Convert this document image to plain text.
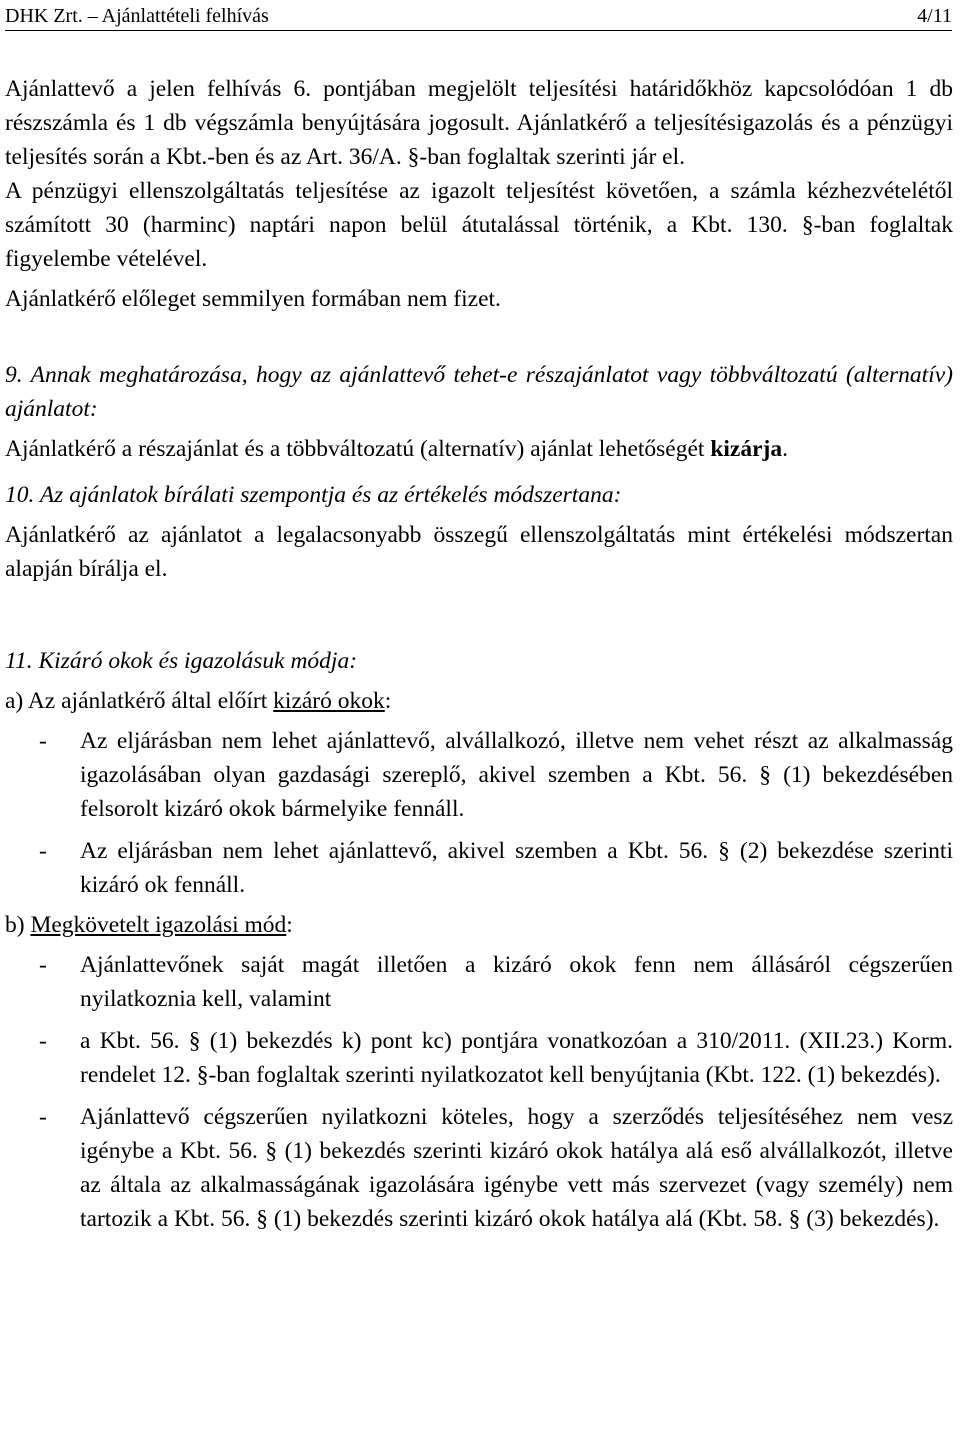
DHK Zrt. – Ajánlattételi felhívás	4/11

Ajánlattevő a jelen felhívás 6. pontjában megjelölt teljesítési határidőkhöz kapcsolódóan 1 db részszámla és 1 db végszámla benyújtására jogosult. Ajánlatkérő a teljesítésigazolás és a pénzügyi teljesítés során a Kbt.-ben és az Art. 36/A. §-ban foglaltak szerinti jár el.

A pénzügyi ellenszolgáltatás teljesítése az igazolt teljesítést követően, a számla kézhezvételétől számított 30 (harminc) naptári napon belül átutalással történik, a Kbt. 130. §-ban foglaltak figyelembe vételével.

Ajánlatkérő előleget semmilyen formában nem fizet.

9. Annak meghatározása, hogy az ajánlattevő tehet-e részajánlatot vagy többváltozatú (alternatív) ajánlatot:

Ajánlatkérő a részajánlat és a többváltozatú (alternatív) ajánlat lehetőségét kizárja.

10. Az ajánlatok bírálati szempontja és az értékelés módszertana:

Ajánlatkérő az ajánlatot a legalacsonyabb összegű ellenszolgáltatás mint értékelési módszertan alapján bírálja el.

11. Kizáró okok és igazolásuk módja:

a) Az ajánlatkérő által előírt kizáró okok:

- Az eljárásban nem lehet ajánlattevő, alvállalkozó, illetve nem vehet részt az alkalmasság igazolásában olyan gazdasági szereplő, akivel szemben a Kbt. 56. § (1) bekezdésében felsorolt kizáró okok bármelyike fennáll.

- Az eljárásban nem lehet ajánlattevő, akivel szemben a Kbt. 56. § (2) bekezdése szerinti kizáró ok fennáll.

b) Megkövetelt igazolási mód:

- Ajánlattevőnek saját magát illetően a kizáró okok fenn nem állásáról cégszerűen nyilatkoznia kell, valamint

- a Kbt. 56. § (1) bekezdés k) pont kc) pontjára vonatkozóan a 310/2011. (XII.23.) Korm. rendelet 12. §-ban foglaltak szerinti nyilatkozatot kell benyújtania (Kbt. 122. (1) bekezdés).

- Ajánlattevő cégszerűen nyilatkozni köteles, hogy a szerződés teljesítéséhez nem vesz igénybe a Kbt. 56. § (1) bekezdés szerinti kizáró okok hatálya alá eső alvállalkozót, illetve az általa az alkalmasságának igazolására igénybe vett más szervezet (vagy személy) nem tartozik a Kbt. 56. § (1) bekezdés szerinti kizáró okok hatálya alá (Kbt. 58. § (3) bekezdés).
